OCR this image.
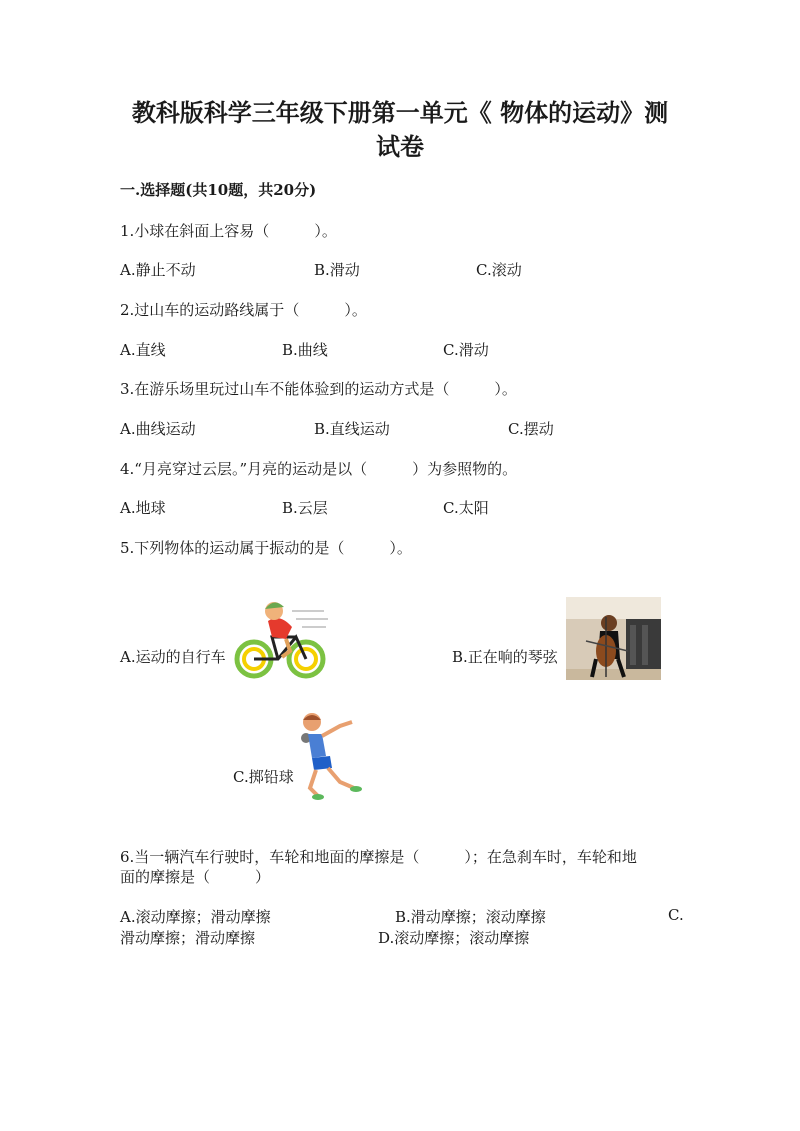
教科版科学三年级下册第一单元《 物体的运动》测
试卷
一.选择题(共10题，共20分)
1.小球在斜面上容易（　　　）。
A.静止不动	B.滑动	C.滚动
2.过山车的运动路线属于（　　　）。
A.直线	B.曲线	C.滑动
3.在游乐场里玩过山车不能体验到的运动方式是（　　　）。
A.曲线运动	B.直线运动	C.摆动
4.“月亮穿过云层。”月亮的运动是以（　　　）为参照物的。
A.地球	B.云层	C.太阳
5.下列物体的运动属于振动的是（　　　）。
A.运动的自行车	B.正在响的琴弦
C.掷铅球
6.当一辆汽车行驶时，车轮和地面的摩擦是（　　　）；在急刹车时，车轮和地
面的摩擦是（　　　）
A.滚动摩擦；滑动摩擦	B.滑动摩擦；滚动摩擦	C.
滑动摩擦；滑动摩擦	D.滚动摩擦；滚动摩擦
